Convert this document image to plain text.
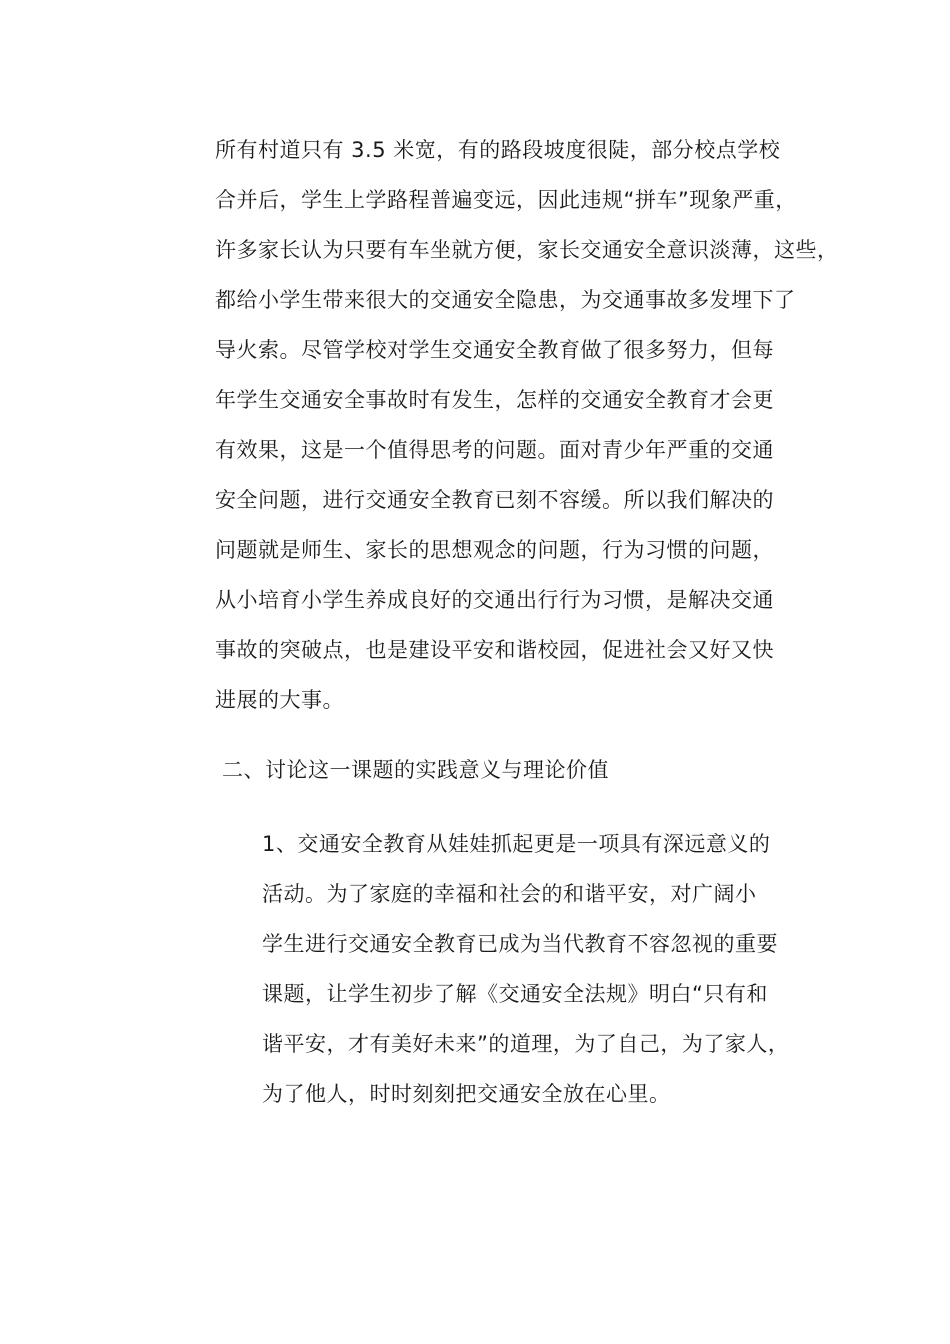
所有村道只有 3.5 米宽，有的路段坡度很陡，部分校点学校

合并后，学生上学路程普遍变远，因此违规“拼车”现象严重，

许多家长认为只要有车坐就方便，家长交通安全意识淡薄，这些，

都给小学生带来很大的交通安全隐患，为交通事故多发埋下了

导火索。尽管学校对学生交通安全教育做了很多努力，但每

年学生交通安全事故时有发生，怎样的交通安全教育才会更

有效果，这是一个值得思考的问题。面对青少年严重的交通

安全问题，进行交通安全教育已刻不容缓。所以我们解决的

问题就是师生、家长的思想观念的问题，行为习惯的问题，

从小培育小学生养成良好的交通出行行为习惯，是解决交通

事故的突破点，也是建设平安和谐校园，促进社会又好又快

进展的大事。

二、讨论这一课题的实践意义与理论价值

1、交通安全教育从娃娃抓起更是一项具有深远意义的

活动。为了家庭的幸福和社会的和谐平安，对广阔小

学生进行交通安全教育已成为当代教育不容忽视的重要

课题，让学生初步了解《交通安全法规》明白“只有和

谐平安，才有美好未来”的道理，为了自己，为了家人，

为了他人，时时刻刻把交通安全放在心里。
